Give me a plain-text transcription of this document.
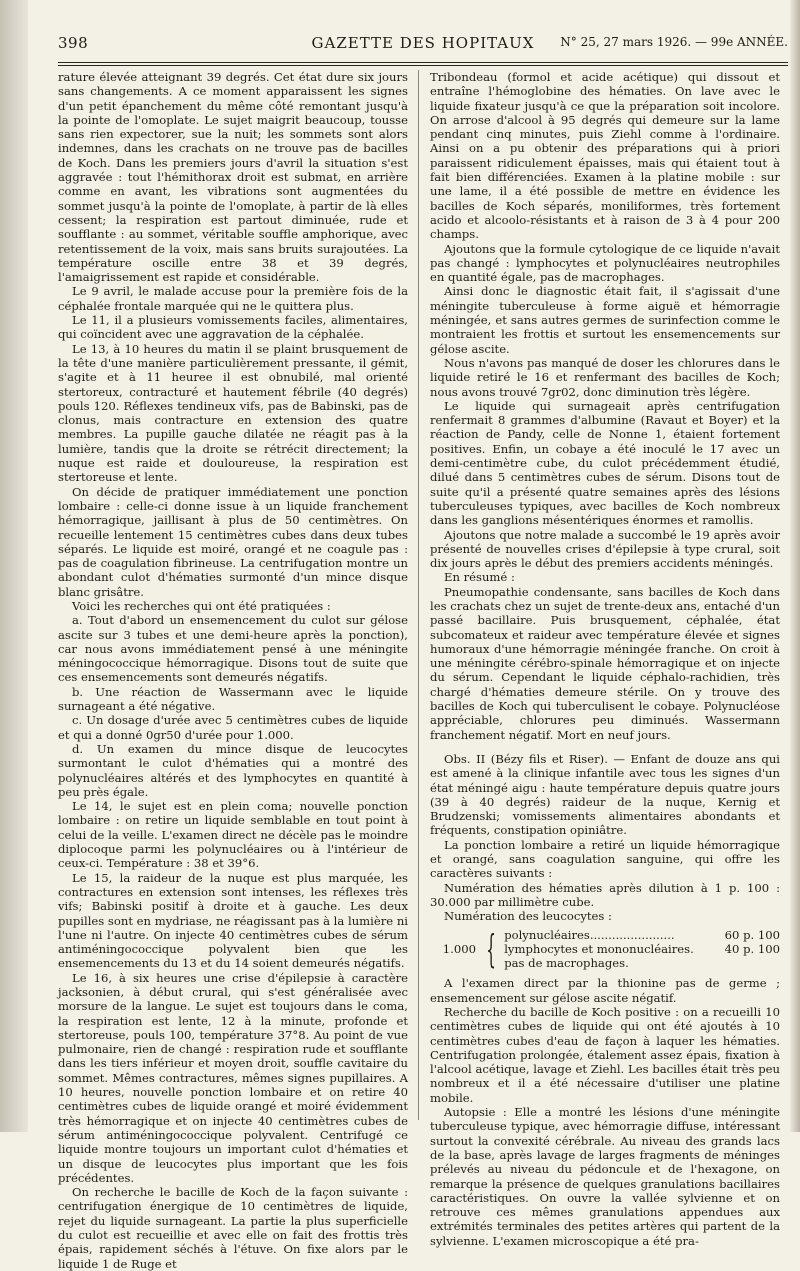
398	GAZETTE DES HOPITAUX	N° 25, 27 mars 1926. — 99e ANNÉE.

rature élevée atteignant 39 degrés. Cet état dure six jours sans changements. A ce moment apparaissent les signes d'un petit épanchement du même côté remontant jusqu'à la pointe de l'omoplate. Le sujet maigrit beaucoup, tousse sans rien expectorer, sue la nuit; les sommets sont alors indemnes, dans les crachats on ne trouve pas de bacilles de Koch. Dans les premiers jours d'avril la situation s'est aggravée : tout l'hémithorax droit est submat, en arrière comme en avant, les vibrations sont augmentées du sommet jusqu'à la pointe de l'omoplate, à partir de là elles cessent; la respiration est partout diminuée, rude et soufflante : au sommet, véritable souffle amphorique, avec retentissement de la voix, mais sans bruits surajoutées. La température oscille entre 38 et 39 degrés, l'amaigrissement est rapide et considérable.

Le 9 avril, le malade accuse pour la première fois de la céphalée frontale marquée qui ne le quittera plus.

Le 11, il a plusieurs vomissements faciles, alimentaires, qui coïncident avec une aggravation de la céphalée.

Le 13, à 10 heures du matin il se plaint brusquement de la tête d'une manière particulièrement pressante, il gémit, s'agite et à 11 heuree il est obnubilé, mal orienté stertoreux, contracturé et hautement fébrile (40 degrés) pouls 120. Réflexes tendineux vifs, pas de Babinski, pas de clonus, mais contracture en extension des quatre membres. La pupille gauche dilatée ne réagit pas à la lumière, tandis que la droite se rétrécit directement; la nuque est raide et douloureuse, la respiration est stertoreuse et lente.

On décide de pratiquer immédiatement une ponction lombaire : celle-ci donne issue à un liquide franchement hémorragique, jaillisant à plus de 50 centimètres. On recueille lentement 15 centimètres cubes dans deux tubes séparés. Le liquide est moiré, orangé et ne coagule pas : pas de coagulation fibrineuse. La centrifugation montre un abondant culot d'hématies surmonté d'un mince disque blanc grisâtre.

Voici les recherches qui ont été pratiquées :

a. Tout d'abord un ensemencement du culot sur gélose ascite sur 3 tubes et une demi-heure après la ponction), car nous avons immédiatement pensé à une méningite méningococcique hémorragique. Disons tout de suite que ces ensemencements sont demeurés négatifs.

b. Une réaction de Wassermann avec le liquide surnageant a été négative.

c. Un dosage d'urée avec 5 centimètres cubes de liquide et qui a donné 0gr50 d'urée pour 1.000.

d. Un examen du mince disque de leucocytes surmontant le culot d'hématies qui a montré des polynucléaires altérés et des lymphocytes en quantité à peu près égale.

Le 14, le sujet est en plein coma; nouvelle ponction lombaire : on retire un liquide semblable en tout point à celui de la veille. L'examen direct ne décèle pas le moindre diplocoque parmi les polynucléaires ou à l'intérieur de ceux-ci. Température : 38 et 39°6.

Le 15, la raideur de la nuque est plus marquée, les contractures en extension sont intenses, les réflexes très vifs; Babinski positif à droite et à gauche. Les deux pupilles sont en mydriase, ne réagissant pas à la lumière ni l'une ni l'autre. On injecte 40 centimètres cubes de sérum antiméningococcique polyvalent bien que les ensemencements du 13 et du 14 soient demeurés négatifs.

Le 16, à six heures une crise d'épilepsie à caractère jacksonien, à début crural, qui s'est généralisée avec morsure de la langue. Le sujet est toujours dans le coma, la respiration est lente, 12 à la minute, profonde et stertoreuse, pouls 100, température 37°8. Au point de vue pulmonaire, rien de changé : respiration rude et soufflante dans les tiers inférieur et moyen droit, souffle cavitaire du sommet. Mêmes contractures, mêmes signes pupillaires. A 10 heures, nouvelle ponction lombaire et on retire 40 centimètres cubes de liquide orangé et moiré évidemment très hémorragique et on injecte 40 centimètres cubes de sérum antiméningococcique polyvalent. Centrifugé ce liquide montre toujours un important culot d'hématies et un disque de leucocytes plus important que les fois précédentes.

On recherche le bacille de Koch de la façon suivante : centrifugation énergique de 10 centimètres de liquide, rejet du liquide surnageant. La partie la plus superficielle du culot est recueillie et avec elle on fait des frottis très épais, rapidement séchés à l'étuve. On fixe alors par le liquide 1 de Ruge et

Tribondeau (formol et acide acétique) qui dissout et entraîne l'hémoglobine des hématies. On lave avec le liquide fixateur jusqu'à ce que la préparation soit incolore. On arrose d'alcool à 95 degrés qui demeure sur la lame pendant cinq minutes, puis Ziehl comme à l'ordinaire. Ainsi on a pu obtenir des préparations qui à priori paraissent ridiculement épaisses, mais qui étaient tout à fait bien différenciées. Examen à la platine mobile : sur une lame, il a été possible de mettre en évidence les bacilles de Koch séparés, moniliformes, très fortement acido et alcoolo-résistants et à raison de 3 à 4 pour 200 champs.

Ajoutons que la formule cytologique de ce liquide n'avait pas changé : lymphocytes et polynucléaires neutrophiles en quantité égale, pas de macrophages.

Ainsi donc le diagnostic était fait, il s'agissait d'une méningite tuberculeuse à forme aiguë et hémorragie méningée, et sans autres germes de surinfection comme le montraient les frottis et surtout les ensemencements sur gélose ascite.

Nous n'avons pas manqué de doser les chlorures dans le liquide retiré le 16 et renfermant des bacilles de Koch; nous avons trouvé 7gr02, donc diminution très légère.

Le liquide qui surnageait après centrifugation renfermait 8 grammes d'albumine (Ravaut et Boyer) et la réaction de Pandy, celle de Nonne 1, étaient fortement positives. Enfin, un cobaye a été inoculé le 17 avec un demi-centimètre cube, du culot précédemment étudié, dilué dans 5 centimètres cubes de sérum. Disons tout de suite qu'il a présenté quatre semaines après des lésions tuberculeuses typiques, avec bacilles de Koch nombreux dans les ganglions mésentériques énormes et ramollis.

Ajoutons que notre malade a succombé le 19 après avoir présenté de nouvelles crises d'épilepsie à type crural, soit dix jours après le début des premiers accidents méningés.

En résumé :

Pneumopathie condensante, sans bacilles de Koch dans les crachats chez un sujet de trente-deux ans, entaché d'un passé bacillaire. Puis brusquement, céphalée, état subcomateux et raideur avec température élevée et signes humoraux d'une hémorragie méningée franche. On croit à une méningite cérébro-spinale hémorragique et on injecte du sérum. Cependant le liquide céphalo-rachidien, très chargé d'hématies demeure stérile. On y trouve des bacilles de Koch qui tuberculisent le cobaye. Polynucléose appréciable, chlorures peu diminués. Wassermann franchement négatif. Mort en neuf jours.

Obs. II (Bézy fils et Riser). — Enfant de douze ans qui est amené à la clinique infantile avec tous les signes d'un état méningé aigu : haute température depuis quatre jours (39 à 40 degrés) raideur de la nuque, Kernig et Brudzenski; vomissements alimentaires abondants et fréquents, constipation opiniâtre.

La ponction lombaire a retiré un liquide hémorragique et orangé, sans coagulation sanguine, qui offre les caractères suivants :

Numération des hématies après dilution à 1 p. 100 : 30.000 par millimètre cube.

Numération des leucocytes :

1.000 { polynucléaires.......................	60 p. 100
lymphocytes et mononucléaires.	40 p. 100
pas de macrophages.

A l'examen direct par la thionine pas de germe ; ensemencement sur gélose ascite négatif.

Recherche du bacille de Koch positive : on a recueilli 10 centimètres cubes de liquide qui ont été ajoutés à 10 centimètres cubes d'eau de façon à laquer les hématies. Centrifugation prolongée, étalement assez épais, fixation à l'alcool acétique, lavage et Ziehl. Les bacilles était très peu nombreux et il a été nécessaire d'utiliser une platine mobile.

Autopsie : Elle a montré les lésions d'une méningite tuberculeuse typique, avec hémorragie diffuse, intéressant surtout la convexité cérébrale. Au niveau des grands lacs de la base, après lavage de larges fragments de méninges prélevés au niveau du pédoncule et de l'hexagone, on remarque la présence de quelques granulations bacillaires caractéristiques. On ouvre la vallée sylvienne et on retrouve ces mêmes granulations appendues aux extrémités terminales des petites artères qui partent de la sylvienne. L'examen microscopique a été pra-
